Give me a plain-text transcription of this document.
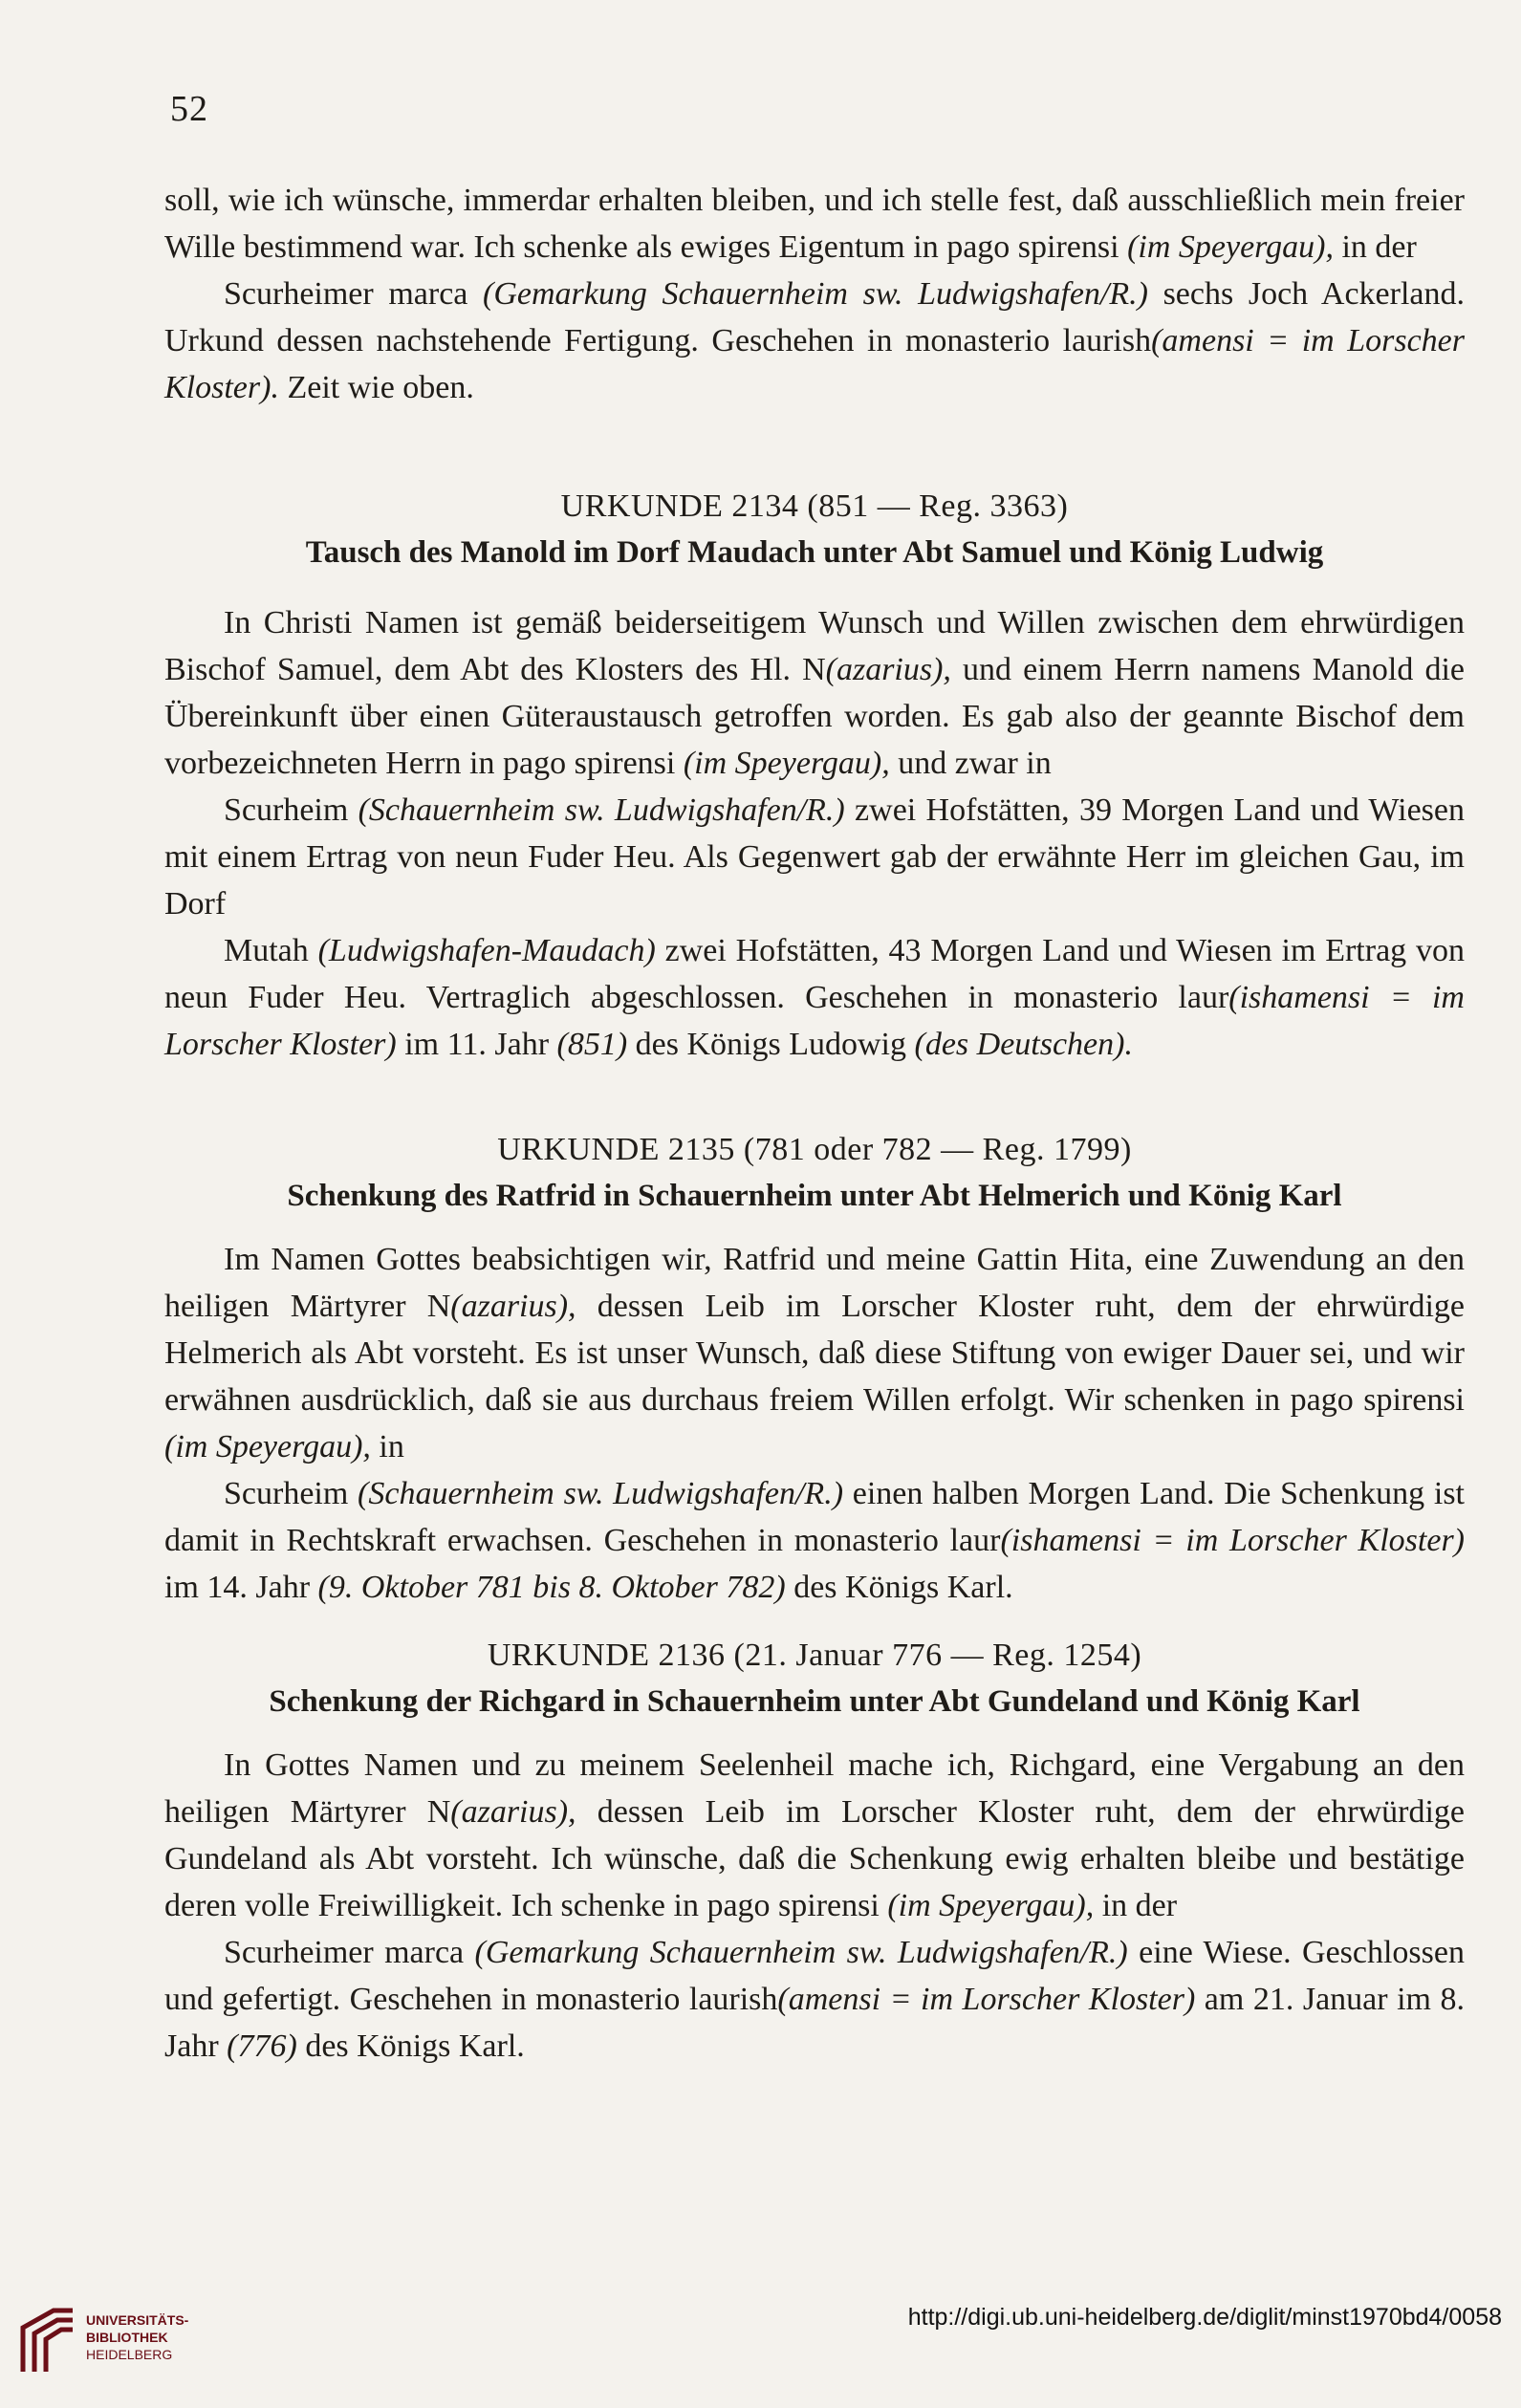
52

soll, wie ich wünsche, immerdar erhalten bleiben, und ich stelle fest, daß ausschließlich mein freier Wille bestimmend war. Ich schenke als ewiges Eigentum in pago spirensi (im Speyergau), in der

Scurheimer marca (Gemarkung Schauernheim sw. Ludwigshafen/R.) sechs Joch Ackerland. Urkund dessen nachstehende Fertigung. Geschehen in monasterio laurish(amensi = im Lorscher Kloster). Zeit wie oben.

URKUNDE 2134 (851 — Reg. 3363)
Tausch des Manold im Dorf Maudach unter Abt Samuel und König Ludwig

In Christi Namen ist gemäß beiderseitigem Wunsch und Willen zwischen dem ehrwürdigen Bischof Samuel, dem Abt des Klosters des Hl. N(azarius), und einem Herrn namens Manold die Übereinkunft über einen Güteraustausch getroffen worden. Es gab also der geannte Bischof dem vorbezeichneten Herrn in pago spirensi (im Speyergau), und zwar in

Scurheim (Schauernheim sw. Ludwigshafen/R.) zwei Hofstätten, 39 Morgen Land und Wiesen mit einem Ertrag von neun Fuder Heu. Als Gegenwert gab der erwähnte Herr im gleichen Gau, im Dorf

Mutah (Ludwigshafen-Maudach) zwei Hofstätten, 43 Morgen Land und Wiesen im Ertrag von neun Fuder Heu. Vertraglich abgeschlossen. Geschehen in monasterio laur(ishamensi = im Lorscher Kloster) im 11. Jahr (851) des Königs Ludowig (des Deutschen).

URKUNDE 2135 (781 oder 782 — Reg. 1799)
Schenkung des Ratfrid in Schauernheim unter Abt Helmerich und König Karl

Im Namen Gottes beabsichtigen wir, Ratfrid und meine Gattin Hita, eine Zuwendung an den heiligen Märtyrer N(azarius), dessen Leib im Lorscher Kloster ruht, dem der ehrwürdige Helmerich als Abt vorsteht. Es ist unser Wunsch, daß diese Stiftung von ewiger Dauer sei, und wir erwähnen ausdrücklich, daß sie aus durchaus freiem Willen erfolgt. Wir schenken in pago spirensi (im Speyergau), in

Scurheim (Schauernheim sw. Ludwigshafen/R.) einen halben Morgen Land. Die Schenkung ist damit in Rechtskraft erwachsen. Geschehen in monasterio laur(ishamensi = im Lorscher Kloster) im 14. Jahr (9. Oktober 781 bis 8. Oktober 782) des Königs Karl.

URKUNDE 2136 (21. Januar 776 — Reg. 1254)
Schenkung der Richgard in Schauernheim unter Abt Gundeland und König Karl

In Gottes Namen und zu meinem Seelenheil mache ich, Richgard, eine Vergabung an den heiligen Märtyrer N(azarius), dessen Leib im Lorscher Kloster ruht, dem der ehrwürdige Gundeland als Abt vorsteht. Ich wünsche, daß die Schenkung ewig erhalten bleibe und bestätige deren volle Freiwilligkeit. Ich schenke in pago spirensi (im Speyergau), in der

Scurheimer marca (Gemarkung Schauernheim sw. Ludwigshafen/R.) eine Wiese. Geschlossen und gefertigt. Geschehen in monasterio laurish(amensi = im Lorscher Kloster) am 21. Januar im 8. Jahr (776) des Königs Karl.

UNIVERSITÄTS-
BIBLIOTHEK
HEIDELBERG
http://digi.ub.uni-heidelberg.de/diglit/minst1970bd4/0058
